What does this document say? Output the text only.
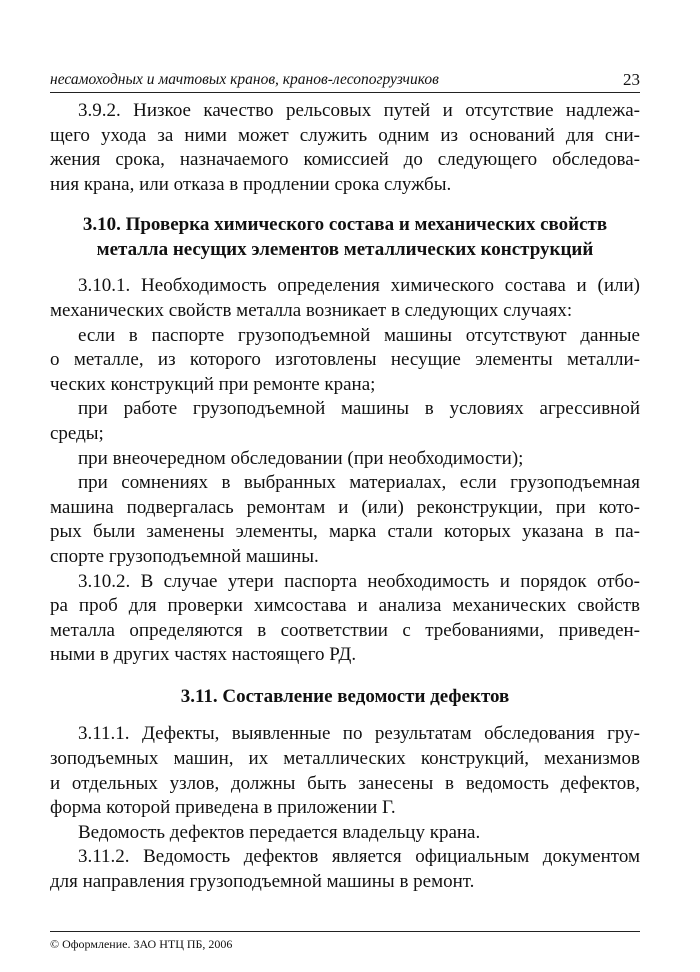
несамоходных и мачтовых кранов, кранов-лесопогрузчиков	23

3.9.2. Низкое качество рельсовых путей и отсутствие надлежа-
щего ухода за ними может служить одним из оснований для сни-
жения срока, назначаемого комиссией до следующего обследова-
ния крана, или отказа в продлении срока службы.

3.10. Проверка химического состава и механических свойств
металла несущих элементов металлических конструкций

3.10.1. Необходимость определения химического состава и (или)
механических свойств металла возникает в следующих случаях:

если в паспорте грузоподъемной машины отсутствуют данные
о металле, из которого изготовлены несущие элементы металли-
ческих конструкций при ремонте крана;

при работе грузоподъемной машины в условиях агрессивной
среды;

при внеочередном обследовании (при необходимости);

при сомнениях в выбранных материалах, если грузоподъемная
машина подвергалась ремонтам и (или) реконструкции, при кото-
рых были заменены элементы, марка стали которых указана в па-
спорте грузоподъемной машины.

3.10.2. В случае утери паспорта необходимость и порядок отбо-
ра проб для проверки химсостава и анализа механических свойств
металла определяются в соответствии с требованиями, приведен-
ными в других частях настоящего РД.

3.11. Составление ведомости дефектов

3.11.1. Дефекты, выявленные по результатам обследования гру-
зоподъемных машин, их металлических конструкций, механизмов
и отдельных узлов, должны быть занесены в ведомость дефектов,
форма которой приведена в приложении Г.

Ведомость дефектов передается владельцу крана.

3.11.2. Ведомость дефектов является официальным документом
для направления грузоподъемной машины в ремонт.

© Оформление. ЗАО НТЦ ПБ, 2006
